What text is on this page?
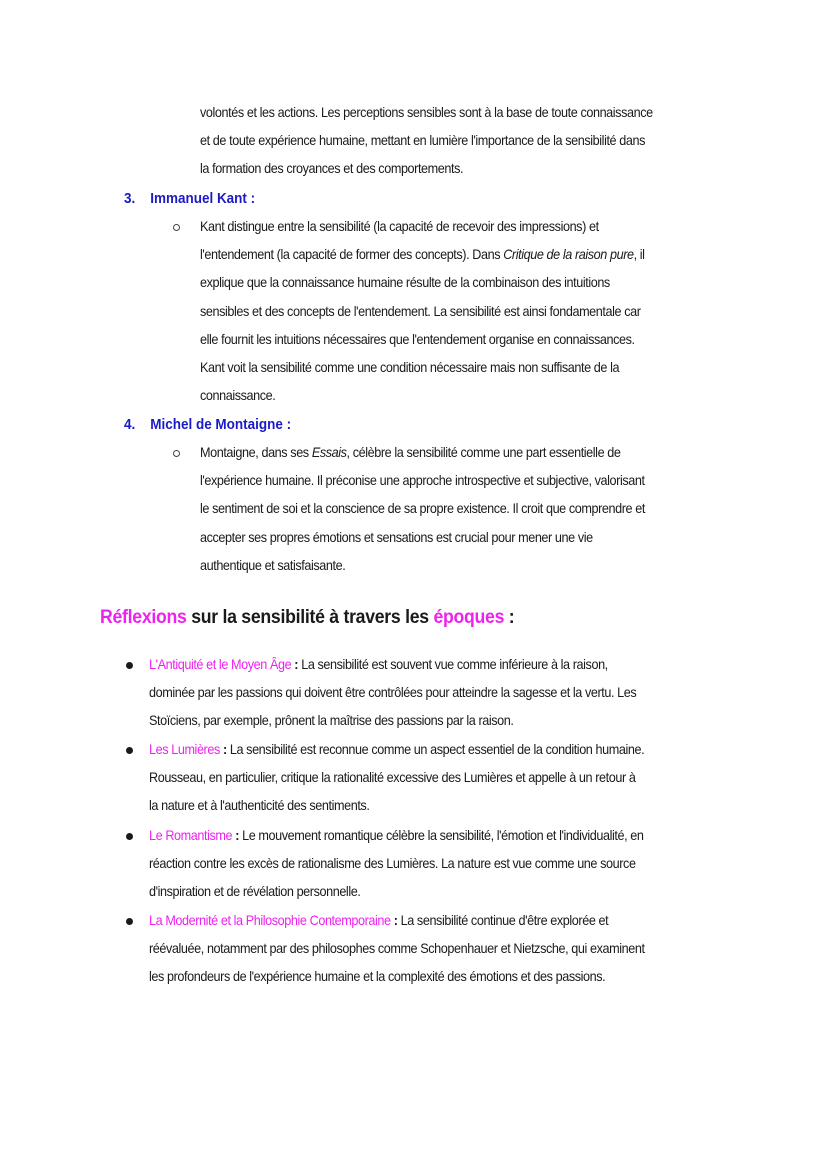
volontés et les actions. Les perceptions sensibles sont à la base de toute connaissance
et de toute expérience humaine, mettant en lumière l'importance de la sensibilité dans
la formation des croyances et des comportements.
3. Immanuel Kant :
Kant distingue entre la sensibilité (la capacité de recevoir des impressions) et
l'entendement (la capacité de former des concepts). Dans Critique de la raison pure, il
explique que la connaissance humaine résulte de la combinaison des intuitions
sensibles et des concepts de l'entendement. La sensibilité est ainsi fondamentale car
elle fournit les intuitions nécessaires que l'entendement organise en connaissances.
Kant voit la sensibilité comme une condition nécessaire mais non suffisante de la
connaissance.
4. Michel de Montaigne :
Montaigne, dans ses Essais, célèbre la sensibilité comme une part essentielle de
l'expérience humaine. Il préconise une approche introspective et subjective, valorisant
le sentiment de soi et la conscience de sa propre existence. Il croit que comprendre et
accepter ses propres émotions et sensations est crucial pour mener une vie
authentique et satisfaisante.
Réflexions sur la sensibilité à travers les époques :
L'Antiquité et le Moyen Âge : La sensibilité est souvent vue comme inférieure à la raison,
dominée par les passions qui doivent être contrôlées pour atteindre la sagesse et la vertu. Les
Stoïciens, par exemple, prônent la maîtrise des passions par la raison.
Les Lumières : La sensibilité est reconnue comme un aspect essentiel de la condition humaine.
Rousseau, en particulier, critique la rationalité excessive des Lumières et appelle à un retour à
la nature et à l'authenticité des sentiments.
Le Romantisme : Le mouvement romantique célèbre la sensibilité, l'émotion et l'individualité, en
réaction contre les excès de rationalisme des Lumières. La nature est vue comme une source
d'inspiration et de révélation personnelle.
La Modernité et la Philosophie Contemporaine : La sensibilité continue d'être explorée et
réévaluée, notamment par des philosophes comme Schopenhauer et Nietzsche, qui examinent
les profondeurs de l'expérience humaine et la complexité des émotions et des passions.
